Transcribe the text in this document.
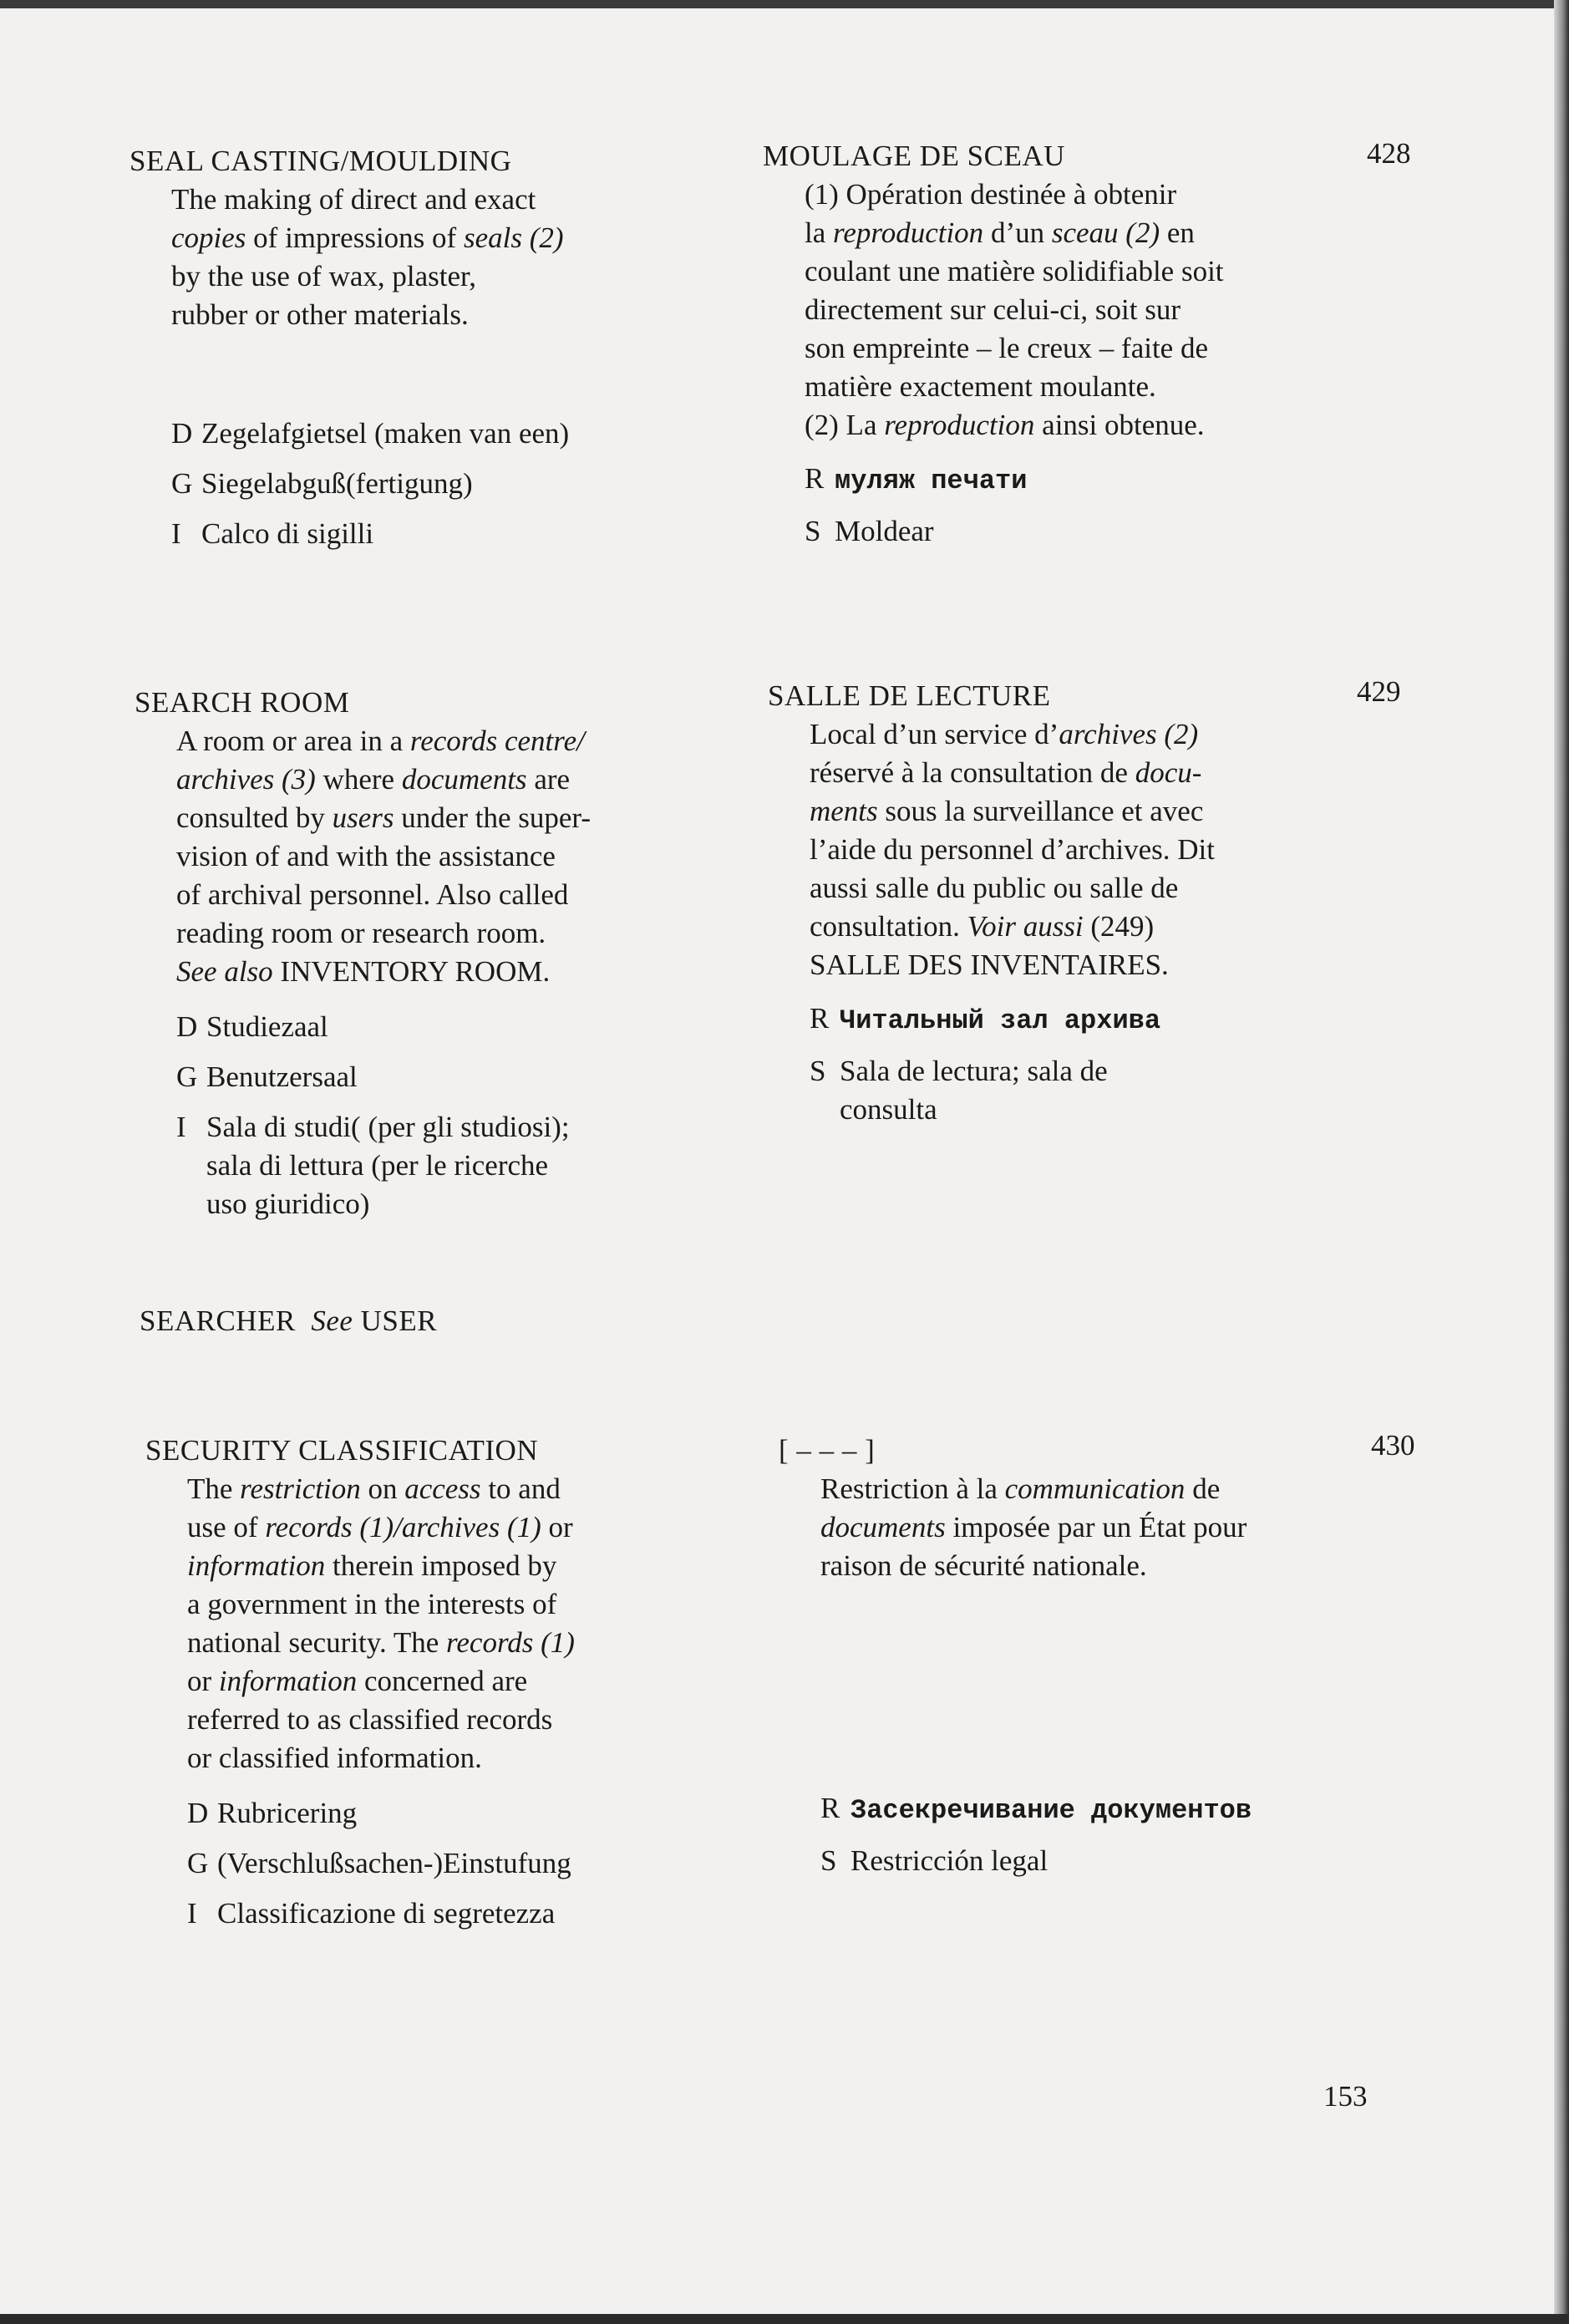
SEAL CASTING/MOULDING
The making of direct and exact
copies of impressions of seals (2)
by the use of wax, plaster,
rubber or other materials.
D Zegelafgietsel (maken van een)
G Siegelabguß(fertigung)
I Calco di sigilli
MOULAGE DE SCEAU
(1) Opération destinée à obtenir
la reproduction d’un sceau (2) en
coulant une matière solidifiable soit
directement sur celui-ci, soit sur
son empreinte – le creux – faite de
matière exactement moulante.
(2) La reproduction ainsi obtenue.
R муляж печати
S Moldear
428
SEARCH ROOM
A room or area in a records centre/
archives (3) where documents are
consulted by users under the super-
vision of and with the assistance
of archival personnel. Also called
reading room or research room.
See also INVENTORY ROOM.
D Studiezaal
G Benutzersaal
I Sala di studi( (per gli studiosi);
sala di lettura (per le ricerche
uso giuridico)
SALLE DE LECTURE
Local d’un service d’archives (2)
réservé à la consultation de docu-
ments sous la surveillance et avec
l’aide du personnel d’archives. Dit
aussi salle du public ou salle de
consultation. Voir aussi (249)
SALLE DES INVENTAIRES.
R Читальный зал архива
S Sala de lectura; sala de
consulta
429
SEARCHER See USER
SECURITY CLASSIFICATION
The restriction on access to and
use of records (1)/archives (1) or
information therein imposed by
a government in the interests of
national security. The records (1)
or information concerned are
referred to as classified records
or classified information.
D Rubricering
G (Verschlußsachen-)Einstufung
I Classificazione di segretezza
[ – – – ]
Restriction à la communication de
documents imposée par un État pour
raison de sécurité nationale.
R Засекречивание документов
S Restricción legal
430
153
